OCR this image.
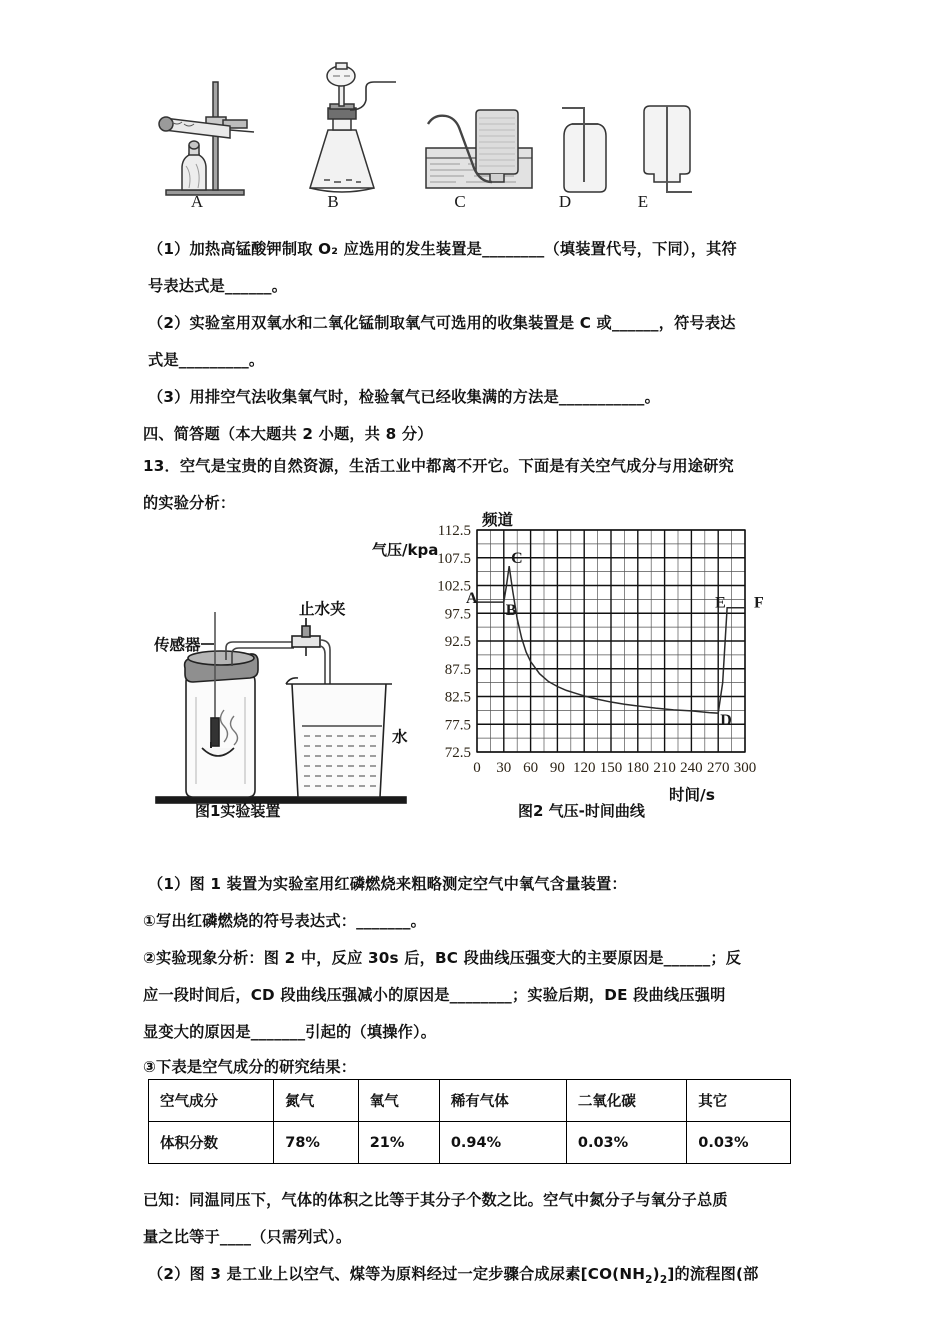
A	B	C	D	E
（1）加热高锰酸钾制取 O₂ 应选用的发生装置是________（填装置代号，下同），其符
号表达式是______。
（2）实验室用双氧水和二氧化锰制取氧气可选用的收集装置是 C 或______，符号表达
式是_________。
（3）用排空气法收集氧气时，检验氧气已经收集满的方法是___________。
四、简答题（本大题共 2 小题，共 8 分）
13．空气是宝贵的自然资源，生活工业中都离不开它。下面是有关空气成分与用途研究
的实验分析：
传感器
止水夹
水
图1实验装置
72.5
77.5
82.5
87.5
92.5
97.5
102.5
107.5
112.5
0 30 60 90 120 150 180 210 240 270 300
A
B
C
D
E F
频道
气压/kpa
时间/s
图2 气压-时间曲线
（1）图 1 装置为实验室用红磷燃烧来粗略测定空气中氧气含量装置：
①写出红磷燃烧的符号表达式：_______。
②实验现象分析：图 2 中，反应 30s 后，BC 段曲线压强变大的主要原因是______；反
应一段时间后，CD 段曲线压强减小的原因是________；实验后期，DE 段曲线压强明
显变大的原因是_______引起的（填操作）。
③下表是空气成分的研究结果：
空气成分	氮气	氧气	稀有气体	二氧化碳	其它
体积分数	78%	21%	0.94%	0.03%	0.03%
已知：同温同压下，气体的体积之比等于其分子个数之比。空气中氮分子与氧分子总质
量之比等于____（只需列式）。
（2）图 3 是工业上以空气、煤等为原料经过一定步骤合成尿素$[CO(NH_2)_2]$的流程图(部
